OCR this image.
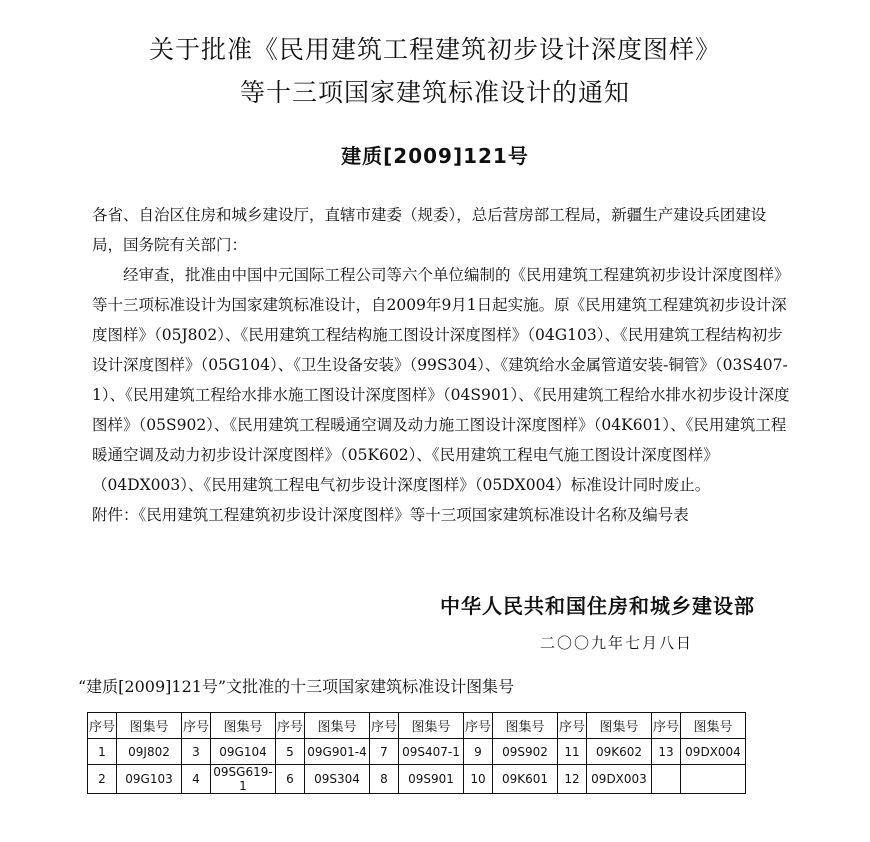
关于批准《民用建筑工程建筑初步设计深度图样》
等十三项国家建筑标准设计的通知
建质[2009]121号

各省、自治区住房和城乡建设厅，直辖市建委（规委），总后营房部工程局，新疆生产建设兵团建设局，国务院有关部门：

经审查，批准由中国中元国际工程公司等六个单位编制的《民用建筑工程建筑初步设计深度图样》等十三项标准设计为国家建筑标准设计，自2009年9月1日起实施。原《民用建筑工程建筑初步设计深度图样》（05J802）、《民用建筑工程结构施工图设计深度图样》（04G103）、《民用建筑工程结构初步设计深度图样》（05G104）、《卫生设备安装》（99S304）、《建筑给水金属管道安装-铜管》（03S407-1）、《民用建筑工程给水排水施工图设计深度图样》（04S901）、《民用建筑工程给水排水初步设计深度图样》（05S902）、《民用建筑工程暖通空调及动力施工图设计深度图样》（04K601）、《民用建筑工程暖通空调及动力初步设计深度图样》（05K602）、《民用建筑工程电气施工图设计深度图样》（04DX003）、《民用建筑工程电气初步设计深度图样》（05DX004）标准设计同时废止。

附件：《民用建筑工程建筑初步设计深度图样》等十三项国家建筑标准设计名称及编号表

中华人民共和国住房和城乡建设部
二〇〇九年七月八日
“建质[2009]121号”文批准的十三项国家建筑标准设计图集号
序号	图集号	序号	图集号	序号	图集号	序号	图集号	序号	图集号	序号	图集号	序号	图集号
1	09J802	3	09G104	5	09G901-4	7	09S407-1	9	09S902	11	09K602	13	09DX004
2	09G103	4	09SG619-1	6	09S304	8	09S901	10	09K601	12	09DX003		
